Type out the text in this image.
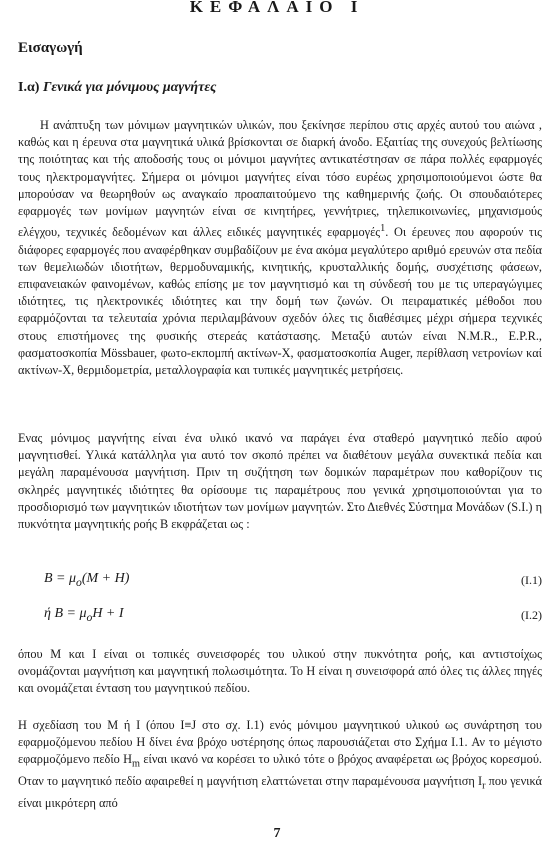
ΚΕΦΑΛΑΙΟ Ι
Εισαγωγή
Ι.α) Γενικά για μόνιμους μαγνήτες

Η ανάπτυξη των μόνιμων μαγνητικών υλικών, που ξεκίνησε περίπου στις αρχές αυτού του αιώνα , καθώς και η έρευνα στα μαγνητικά υλικά βρίσκονται σε διαρκή άνοδο. Εξαιτίας της συνεχούς βελτίωσης της ποιότητας και τής αποδοσής τους οι μόνιμοι μαγνήτες αντικατέστησαν σε πάρα πολλές εφαρμογές τους ηλεκτρομαγνήτες. Σήμερα οι μόνιμοι μαγνήτες είναι τόσο ευρέως χρησιμοποιούμενοι ώστε θα μπορούσαν να θεωρηθούν ως αναγκαίο προαπαιτούμενο της καθημερινής ζωής. Οι σπουδαιότερες εφαρμογές των μονίμων μαγνητών είναι σε κινητήρες, γεννήτριες, τηλεπικοινωνίες, μηχανισμούς ελέγχου, τεχνικές δεδομένων και άλλες ειδικές μαγνητικές εφαρμογές$^1$. Οι έρευνες που αφορούν τις διάφορες εφαρμογές που αναφέρθηκαν συμβαδίζουν με ένα ακόμα μεγαλύτερο αριθμό ερευνών στα πεδία των θεμελιωδών ιδιοτήτων, θερμοδυναμικής, κινητικής, κρυσταλλικής δομής, συσχέτισης φάσεων, επιφανειακών φαινομένων, καθώς επίσης με τον μαγνητισμό και τη σύνδεσή του με τις υπεραγώγιμες ιδιότητες, τις ηλεκτρονικές ιδιότητες και την δομή των ζωνών. Οι πειραματικές μέθοδοι που εφαρμόζονται τα τελευταία χρόνια περιλαμβάνουν σχεδόν όλες τις διαθέσιμες μέχρι σήμερα τεχνικές στους επιστήμονες της φυσικής στερεάς κατάστασης. Μεταξύ αυτών είναι N.M.R., E.P.R., φασματοσκοπία Mössbauer, φωτο-εκπομπή ακτίνων-Χ, φασματοσκοπία Auger, περίθλαση νετρονίων καί ακτίνων-Χ, θερμιδομετρία, μεταλλογραφία και τυπικές μαγνητικές μετρήσεις.

Ενας μόνιμος μαγνήτης είναι ένα υλικό ικανό να παράγει ένα σταθερό μαγνητικό πεδίο αφού μαγνητισθεί. Υλικά κατάλληλα για αυτό τον σκοπό πρέπει να διαθέτουν μεγάλα συνεκτικά πεδία και μεγάλη παραμένουσα μαγνήτιση. Πριν τη συζήτηση των δομικών παραμέτρων που καθορίζουν τις σκληρές μαγνητικές ιδιότητες θα ορίσουμε τις παραμέτρους που γενικά χρησιμοποιούνται για το προσδιορισμό των μαγνητικών ιδιοτήτων των μονίμων μαγνητών. Στο Διεθνές Σύστημα Μονάδων (S.I.) η πυκνότητα μαγνητικής ροής B εκφράζεται ως :

$B = \mu_o(M + H)$	(I.1)
ή $B = \mu_oH + I$	(I.2)

όπου M και I είναι οι τοπικές συνεισφορές του υλικού στην πυκνότητα ροής, και αντιστοίχως ονομάζονται μαγνήτιση και μαγνητική πολωσιμότητα. Το H είναι η συνεισφορά από όλες τις άλλες πηγές και ονομάζεται ένταση του μαγνητικού πεδίου.

Η σχεδίαση του M ή I (όπου I≡J στο σχ. I.1) ενός μόνιμου μαγνητικού υλικού ως συνάρτηση του εφαρμοζόμενου πεδίου H δίνει ένα βρόχο υστέρησης όπως παρουσιάζεται στο Σχήμα I.1. Αν το μέγιστο εφαρμοζόμενο πεδίο $H_m$ είναι ικανό να κορέσει το υλικό τότε ο βρόχος αναφέρεται ως βρόχος κορεσμού. Οταν το μαγνητικό πεδίο αφαιρεθεί η μαγνήτιση ελαττώνεται στην παραμένουσα μαγνήτιση $I_r$ που γενικά είναι μικρότερη από

7
